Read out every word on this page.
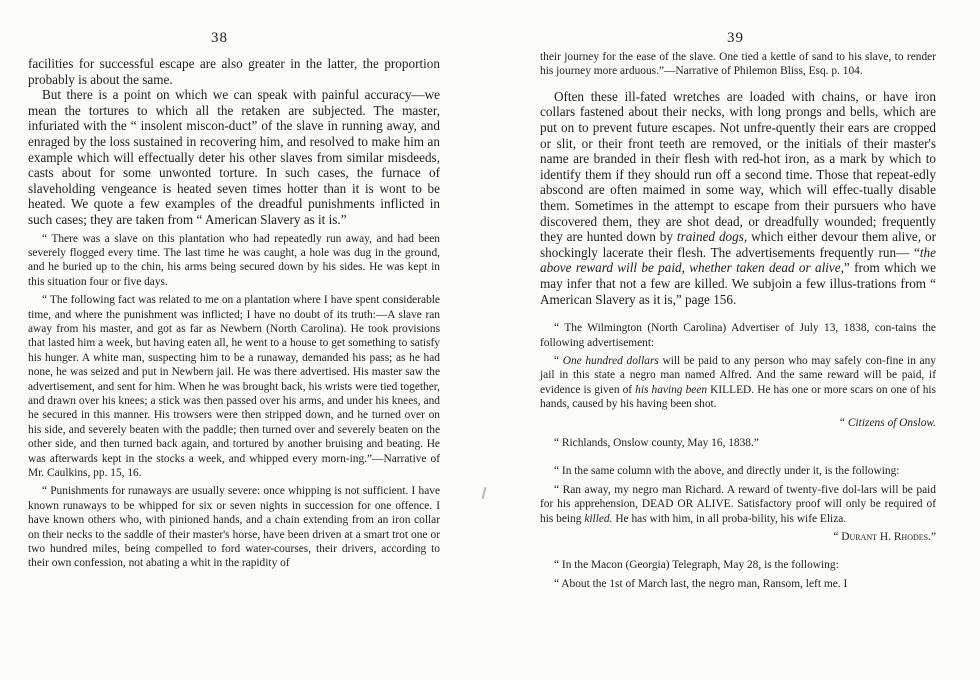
38

facilities for successful escape are also greater in the latter, the proportion probably is about the same.

But there is a point on which we can speak with painful accuracy—we mean the tortures to which all the retaken are subjected. The master, infuriated with the “ insolent miscon-duct” of the slave in running away, and enraged by the loss sustained in recovering him, and resolved to make him an example which will effectually deter his other slaves from similar misdeeds, casts about for some unwonted torture. In such cases, the furnace of slaveholding vengeance is heated seven times hotter than it is wont to be heated. We quote a few examples of the dreadful punishments inflicted in such cases; they are taken from “ American Slavery as it is.”

“ There was a slave on this plantation who had repeatedly run away, and had been severely flogged every time. The last time he was caught, a hole was dug in the ground, and he buried up to the chin, his arms being secured down by his sides. He was kept in this situation four or five days.

“ The following fact was related to me on a plantation where I have spent considerable time, and where the punishment was inflicted; I have no doubt of its truth:—A slave ran away from his master, and got as far as Newbern (North Carolina). He took provisions that lasted him a week, but having eaten all, he went to a house to get something to satisfy his hunger. A white man, suspecting him to be a runaway, demanded his pass; as he had none, he was seized and put in Newbern jail. He was there advertised. His master saw the advertisement, and sent for him. When he was brought back, his wrists were tied together, and drawn over his knees; a stick was then passed over his arms, and under his knees, and he secured in this manner. His trowsers were then stripped down, and he turned over on his side, and severely beaten with the paddle; then turned over and severely beaten on the other side, and then turned back again, and tortured by another bruising and beating. He was afterwards kept in the stocks a week, and whipped every morn-ing.”—Narrative of Mr. Caulkins, pp. 15, 16.

“ Punishments for runaways are usually severe: once whipping is not sufficient. I have known runaways to be whipped for six or seven nights in succession for one offence. I have known others who, with pinioned hands, and a chain extending from an iron collar on their necks to the saddle of their master's horse, have been driven at a smart trot one or two hundred miles, being compelled to ford water-courses, their drivers, according to their own confession, not abating a whit in the rapidity of

39

their journey for the ease of the slave. One tied a kettle of sand to his slave, to render his journey more arduous.”—Narrative of Philemon Bliss, Esq. p. 104.

Often these ill-fated wretches are loaded with chains, or have iron collars fastened about their necks, with long prongs and bells, which are put on to prevent future escapes. Not unfre-quently their ears are cropped or slit, or their front teeth are removed, or the initials of their master's name are branded in their flesh with red-hot iron, as a mark by which to identify them if they should run off a second time. Those that repeat-edly abscond are often maimed in some way, which will effec-tually disable them. Sometimes in the attempt to escape from their pursuers who have discovered them, they are shot dead, or dreadfully wounded; frequently they are hunted down by trained dogs, which either devour them alive, or shockingly lacerate their flesh. The advertisements frequently run— “the above reward will be paid, whether taken dead or alive,” from which we may infer that not a few are killed. We subjoin a few illus-trations from “ American Slavery as it is,” page 156.

“ The Wilmington (North Carolina) Advertiser of July 13, 1838, con-tains the following advertisement:

“ One hundred dollars will be paid to any person who may safely con-fine in any jail in this state a negro man named Alfred. And the same reward will be paid, if evidence is given of his having been KILLED. He has one or more scars on one of his hands, caused by his having been shot.

“ Citizens of Onslow.

“ Richlands, Onslow county, May 16, 1838.”

“ In the same column with the above, and directly under it, is the following:

“ Ran away, my negro man Richard. A reward of twenty-five dol-lars will be paid for his apprehension, DEAD OR ALIVE. Satisfactory proof will only be required of his being killed. He has with him, in all proba-bility, his wife Eliza.

“ Durant H. Rhodes.”

“ In the Macon (Georgia) Telegraph, May 28, is the following:

“ About the 1st of March last, the negro man, Ransom, left me. I
